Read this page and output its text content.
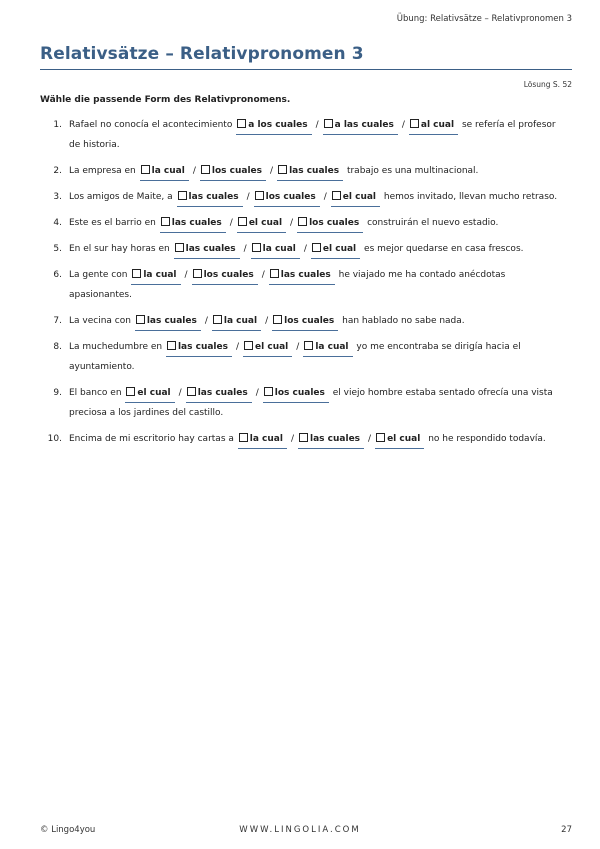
Übung: Relativsätze – Relativpronomen 3
Relativsätze – Relativpronomen 3
Lösung S. 52
Wähle die passende Form des Relativpronomens.
1. Rafael no conocía el acontecimiento a los cuales / a las cuales / al cual se refería el profesor de historia.
2. La empresa en la cual / los cuales / las cuales trabajo es una multinacional.
3. Los amigos de Maite, a las cuales / los cuales / el cual hemos invitado, llevan mucho retraso.
4. Este es el barrio en las cuales / el cual / los cuales construirán el nuevo estadio.
5. En el sur hay horas en las cuales / la cual / el cual es mejor quedarse en casa frescos.
6. La gente con la cual / los cuales / las cuales he viajado me ha contado anécdotas apasionantes.
7. La vecina con las cuales / la cual / los cuales han hablado no sabe nada.
8. La muchedumbre en las cuales / el cual / la cual yo me encontraba se dirigía hacia el ayuntamiento.
9. El banco en el cual / las cuales / los cuales el viejo hombre estaba sentado ofrecía una vista preciosa a los jardines del castillo.
10. Encima de mi escritorio hay cartas a la cual / las cuales / el cual no he respondido todavía.
© Lingo4you	WWW.LINGOLIA.COM	27
